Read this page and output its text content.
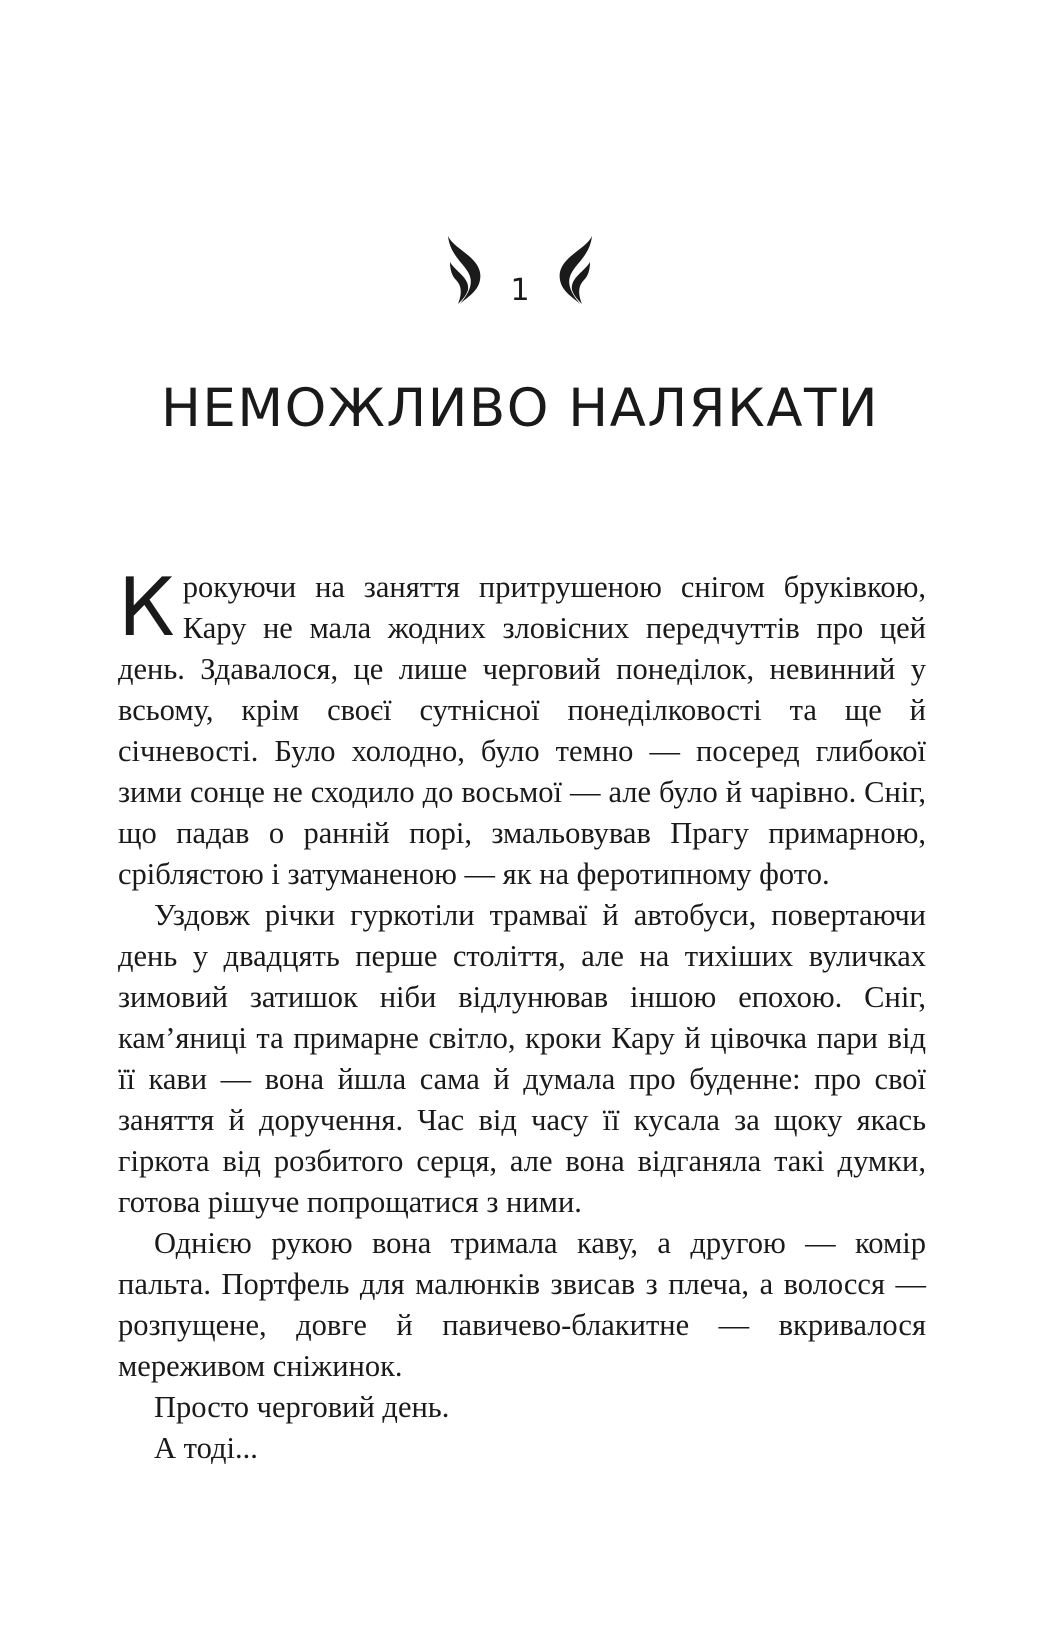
1
НЕМОЖЛИВО НАЛЯКАТИ

Крокуючи на заняття притрушеною снігом бруківкою, Кару не мала жодних зловісних передчуттів про цей день. Здавалося, це лише черговий понеділок, невинний у всьому, крім своєї сутнісної понеділковості та ще й січневості. Було холодно, було темно — посеред глибокої зими сонце не сходило до восьмої — але було й чарівно. Сніг, що падав о ранній порі, змальовував Прагу примарною, сріблястою і затуманеною — як на феротипному фото.

Уздовж річки гуркотіли трамваї й автобуси, повертаючи день у двадцять перше століття, але на тихіших вуличках зимовий затишок ніби відлунював іншою епохою. Сніг, кам’яниці та примарне світло, кроки Кару й цівочка пари від її кави — вона йшла сама й думала про буденне: про свої заняття й доручення. Час від часу її кусала за щоку якась гіркота від розбитого серця, але вона відганяла такі думки, готова рішуче попрощатися з ними.

Однією рукою вона тримала каву, а другою — комір пальта. Портфель для малюнків звисав з плеча, а волосся — розпущене, довге й павичево-блакитне — вкривалося мереживом сніжинок.

Просто черговий день.

А тоді...
